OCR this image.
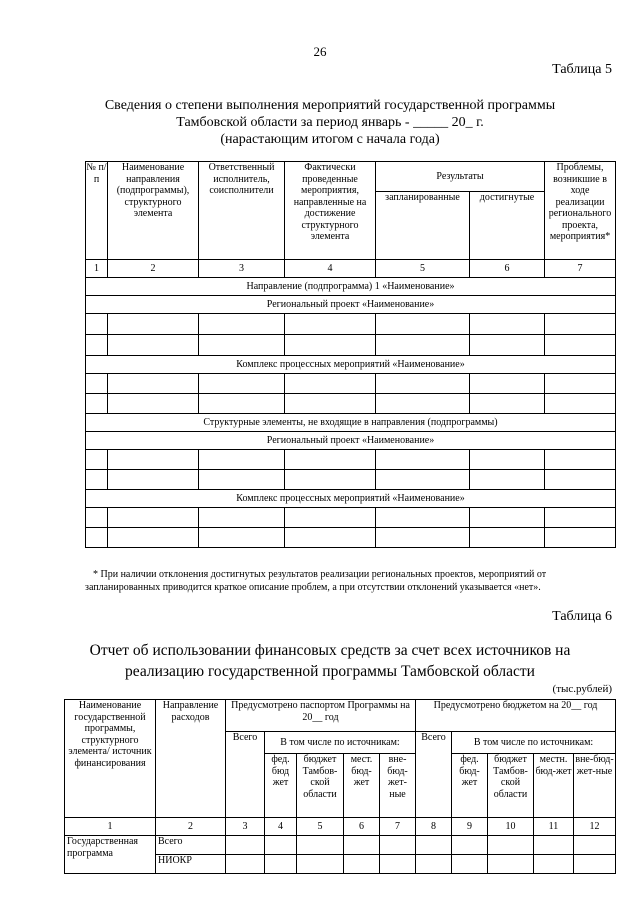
26
Таблица 5
Сведения о степени выполнения мероприятий государственной программы
Тамбовской области за период январь - _____ 20_ г.
(нарастающим итогом с начала года)
№ п/п	Наименование направления (подпрограммы), структурного элемента	Ответственный исполнитель, соисполнители	Фактически проведенные мероприятия, направленные на достижение структурного элемента	Результаты		Проблемы, возникшие в ходе реализации регионального проекта, мероприятия*
				запланированные	достигнутые	
1	2	3	4	5	6	7
Направление (подпрограмма) 1 «Наименование»						
Региональный проект «Наименование»						

Комплекс процессных мероприятий «Наименование»						

Структурные элементы, не входящие в направления (подпрограммы)						
Региональный проект «Наименование»						

Комплекс процессных мероприятий «Наименование»						

* При наличии отклонения достигнутых результатов реализации региональных проектов, мероприятий от запланированных приводится краткое описание проблем, а при отсутствии отклонений указывается «нет».
Таблица 6
Отчет об использовании финансовых средств за счет всех источников на
реализацию государственной программы Тамбовской области
(тыс.рублей)
Наименование государственной программы, структурного элемента/ источник финансирования	Направление расходов	Предусмотрено паспортом Программы на 20__ год					Предусмотрено бюджетом на 20__ год				
		Всего	В том числе по источникам:				Всего	В том числе по источникам:			
			фед. бюд жет	бюджет Тамбов-ской области	мест. бюд-жет	вне-бюд-жет-ные		фед. бюд-жет	бюджет Тамбов-ской области	местн. бюд-жет	вне-бюд-жет-ные
1	2	3	4	5	6	7	8	9	10	11	12
Государственная программа	Всего										
	НИОКР										
